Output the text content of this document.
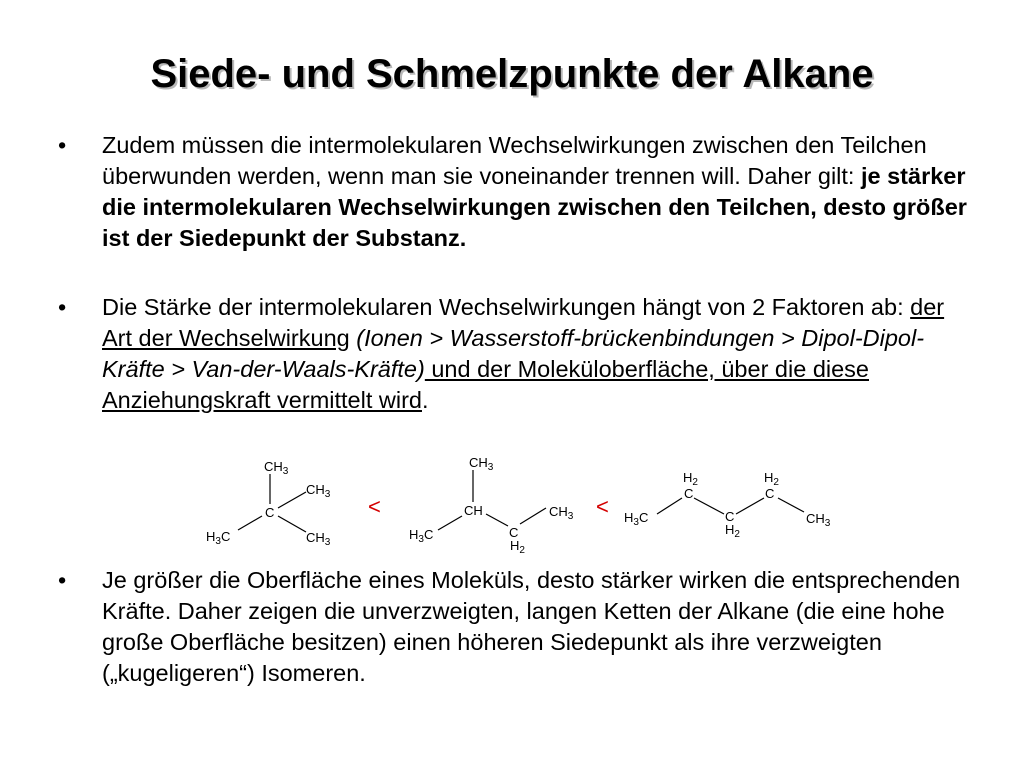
Siede- und Schmelzpunkte der Alkane
• Zudem müssen die intermolekularen Wechselwirkungen zwischen den Teilchen überwunden werden, wenn man sie voneinander trennen will. Daher gilt: je stärker die intermolekularen Wechselwirkungen zwischen den Teilchen, desto größer ist der Siedepunkt der Substanz.
• Die Stärke der intermolekularen Wechselwirkungen hängt von 2 Faktoren ab: der Art der Wechselwirkung (Ionen > Wasserstoff-brückenbindungen > Dipol-Dipol-Kräfte > Van-der-Waals-Kräfte) und der Moleküloberfläche, über die diese Anziehungskraft vermittelt wird.
$CH_3$
$CH_3$
C
$H_3C$	$CH_3$
<
$CH_3$
CH	$CH_3$
$H_3C$	C
$H_2$
<
$H_2$
C
$H_2$
C
$H_3C$	C
$H_2$
$CH_3$
• Je größer die Oberfläche eines Moleküls, desto stärker wirken die entsprechenden Kräfte. Daher zeigen die unverzweigten, langen Ketten der Alkane (die eine hohe große Oberfläche besitzen) einen höheren Siedepunkt als ihre verzweigten („kugeligeren“) Isomeren.
